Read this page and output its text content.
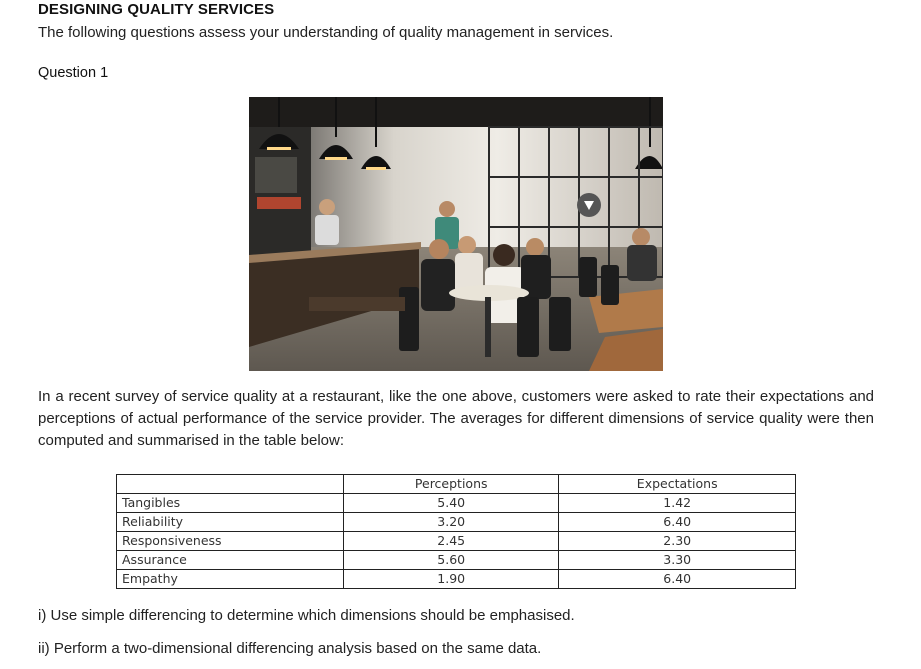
DESIGNING QUALITY SERVICES
The following questions assess your understanding of quality management in services.
Question 1
In a recent survey of service quality at a restaurant, like the one above, customers were asked to rate their expectations and perceptions of actual performance of the service provider. The averages for different dimensions of service quality were then computed and summarised in the table below:
	Perceptions	Expectations
Tangibles	5.40	1.42
Reliability	3.20	6.40
Responsiveness	2.45	2.30
Assurance	5.60	3.30
Empathy	1.90	6.40
i) Use simple differencing to determine which dimensions should be emphasised.
ii) Perform a two-dimensional differencing analysis based on the same data.
